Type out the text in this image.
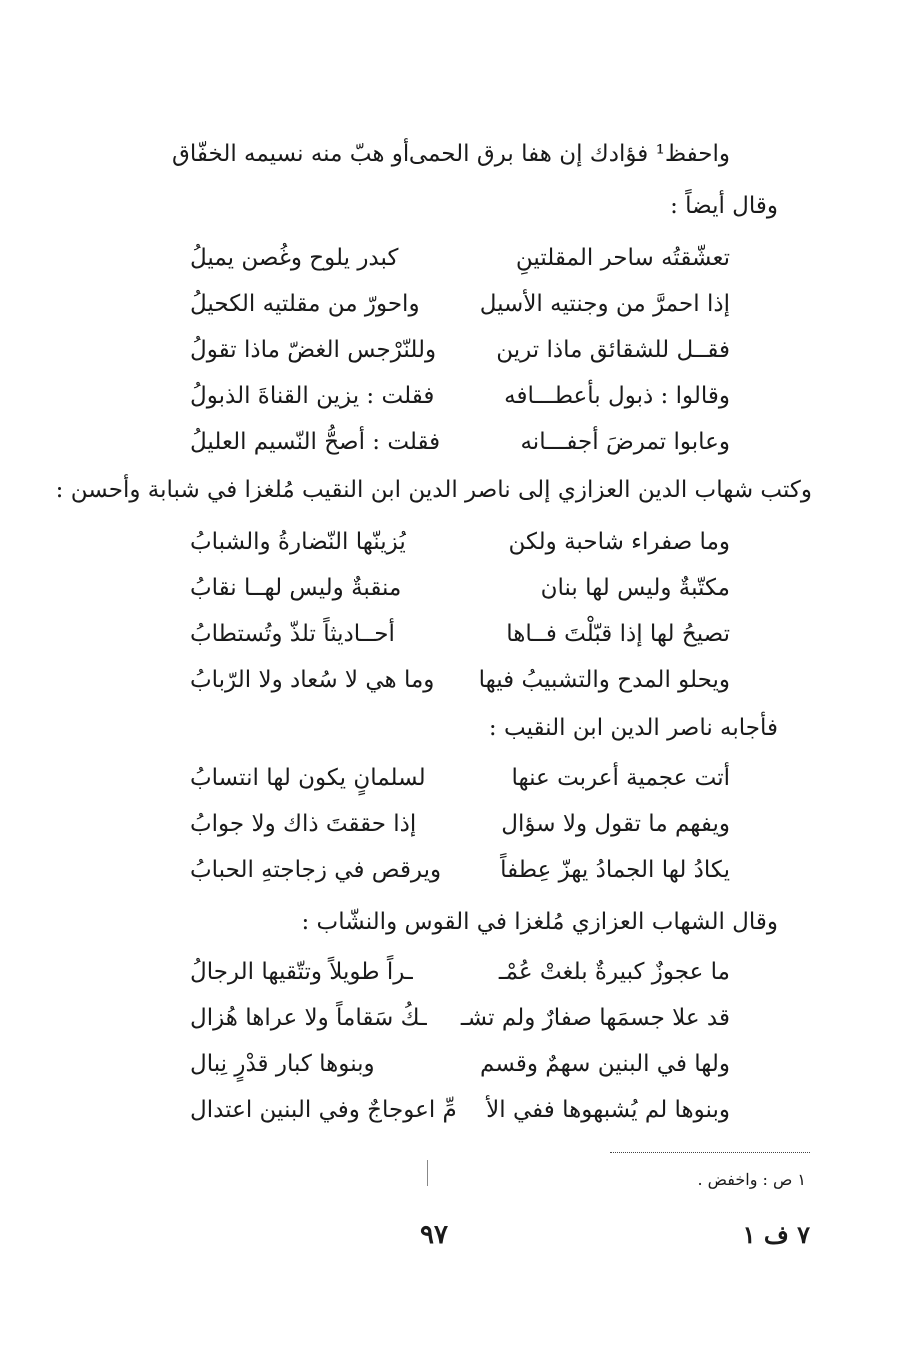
واحفظ¹ فؤادك إن هفا برق الحمى
أو هبّ منه نسيمه الخفّاق
وقال أيضاً :
تعشّقتُه ساحر المقلتينِ
كبدر يلوح وغُصن يميلُ
إذا احمرَّ من وجنتيه الأسيل
واحورّ من مقلتيه الكحيلُ
فقــل للشقائق ماذا ترين
وللنّرْجس الغضّ ماذا تقولُ
وقالوا : ذبول بأعطـــافه
فقلت : يزين القناةَ الذبولُ
وعابوا تمرضَ أجفـــانه
فقلت : أصحُّ النّسيم العليلُ
وكتب شهاب الدين العزازي إلى ناصر الدين ابن النقيب مُلغزا في شبابة وأحسن :
وما صفراء شاحبة ولكن
يُزينّها النّضارةُ والشبابُ
مكتّبةٌ وليس لها بنان
منقبةٌ وليس لهــا نقابُ
تصيحُ لها إذا قبّلْتَ فــاها
أحــاديثاً تلذّ وتُستطابُ
ويحلو المدح والتشبيبُ فيها
وما هي لا سُعاد ولا الرّبابُ
فأجابه ناصر الدين ابن النقيب :
أتت عجمية أعربت عنها
لسلمانٍ يكون لها انتسابُ
ويفهم ما تقول ولا سؤال
إذا حققتَ ذاك ولا جوابُ
يكادُ لها الجمادُ يهزّ عِطفاً
ويرقص في زجاجتهِ الحبابُ
وقال الشهاب العزازي مُلغزا في القوس والنشّاب :
ما عجوزٌ كبيرةٌ بلغتْ عُمْـ
ـراً طويلاً وتتّقيها الرجالُ
قد علا جسمَها صفارٌ ولم تشـ
ـكُ سَقاماً ولا عراها هُزال
ولها في البنين سهمٌ وقسم
وبنوها كبار قدْرٍ نِبال
وبنوها لم يُشبهوها ففي الأ
مِّ اعوجاجٌ وفي البنين اعتدال
١ ص : واخفض .
٩٧	٧ ف ١
